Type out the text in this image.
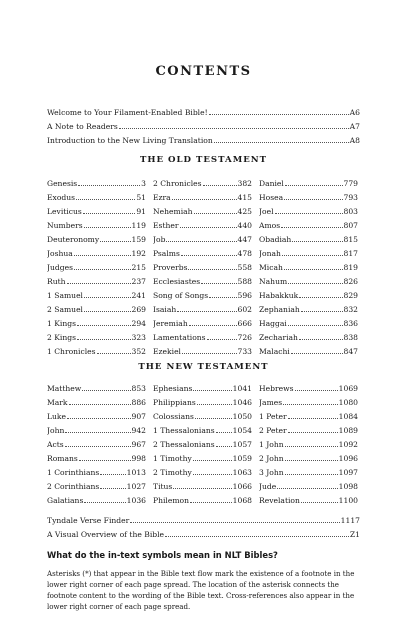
CONTENTS
Welcome to Your Filament-Enabled Bible!	A6
A Note to Readers	A7
Introduction to the New Living Translation	A8
THE OLD TESTAMENT
Genesis	3
Exodus	51
Leviticus	91
Numbers	119
Deuteronomy	159
Joshua	192
Judges	215
Ruth	237
1 Samuel	241
2 Samuel	269
1 Kings	294
2 Kings	323
1 Chronicles	352
2 Chronicles	382
Ezra	415
Nehemiah	425
Esther	440
Job	447
Psalms	478
Proverbs	558
Ecclesiastes	588
Song of Songs	596
Isaiah	602
Jeremiah	666
Lamentations	726
Ezekiel	733
Daniel	779
Hosea	793
Joel	803
Amos	807
Obadiah	815
Jonah	817
Micah	819
Nahum	826
Habakkuk	829
Zephaniah	832
Haggai	836
Zechariah	838
Malachi	847
THE NEW TESTAMENT
Matthew	853
Mark	886
Luke	907
John	942
Acts	967
Romans	998
1 Corinthians	1013
2 Corinthians	1027
Galatians	1036
Ephesians	1041
Philippians	1046
Colossians	1050
1 Thessalonians 1054
2 Thessalonians 1057
1 Timothy	1059
2 Timothy	1063
Titus	1066
Philemon	1068
Hebrews	1069
James	1080
1 Peter	1084
2 Peter	1089
1 John	1092
2 John	1096
3 John	1097
Jude	1098
Revelation	1100
Tyndale Verse Finder	1117
A Visual Overview of the Bible	Z1
What do the in-text symbols mean in NLT Bibles?
Asterisks (*) that appear in the Bible text flow mark the existence of a footnote in the lower right corner of each page spread. The location of the asterisk connects the footnote content to the wording of the Bible text. Cross-references also appear in the lower right corner of each page spread.
